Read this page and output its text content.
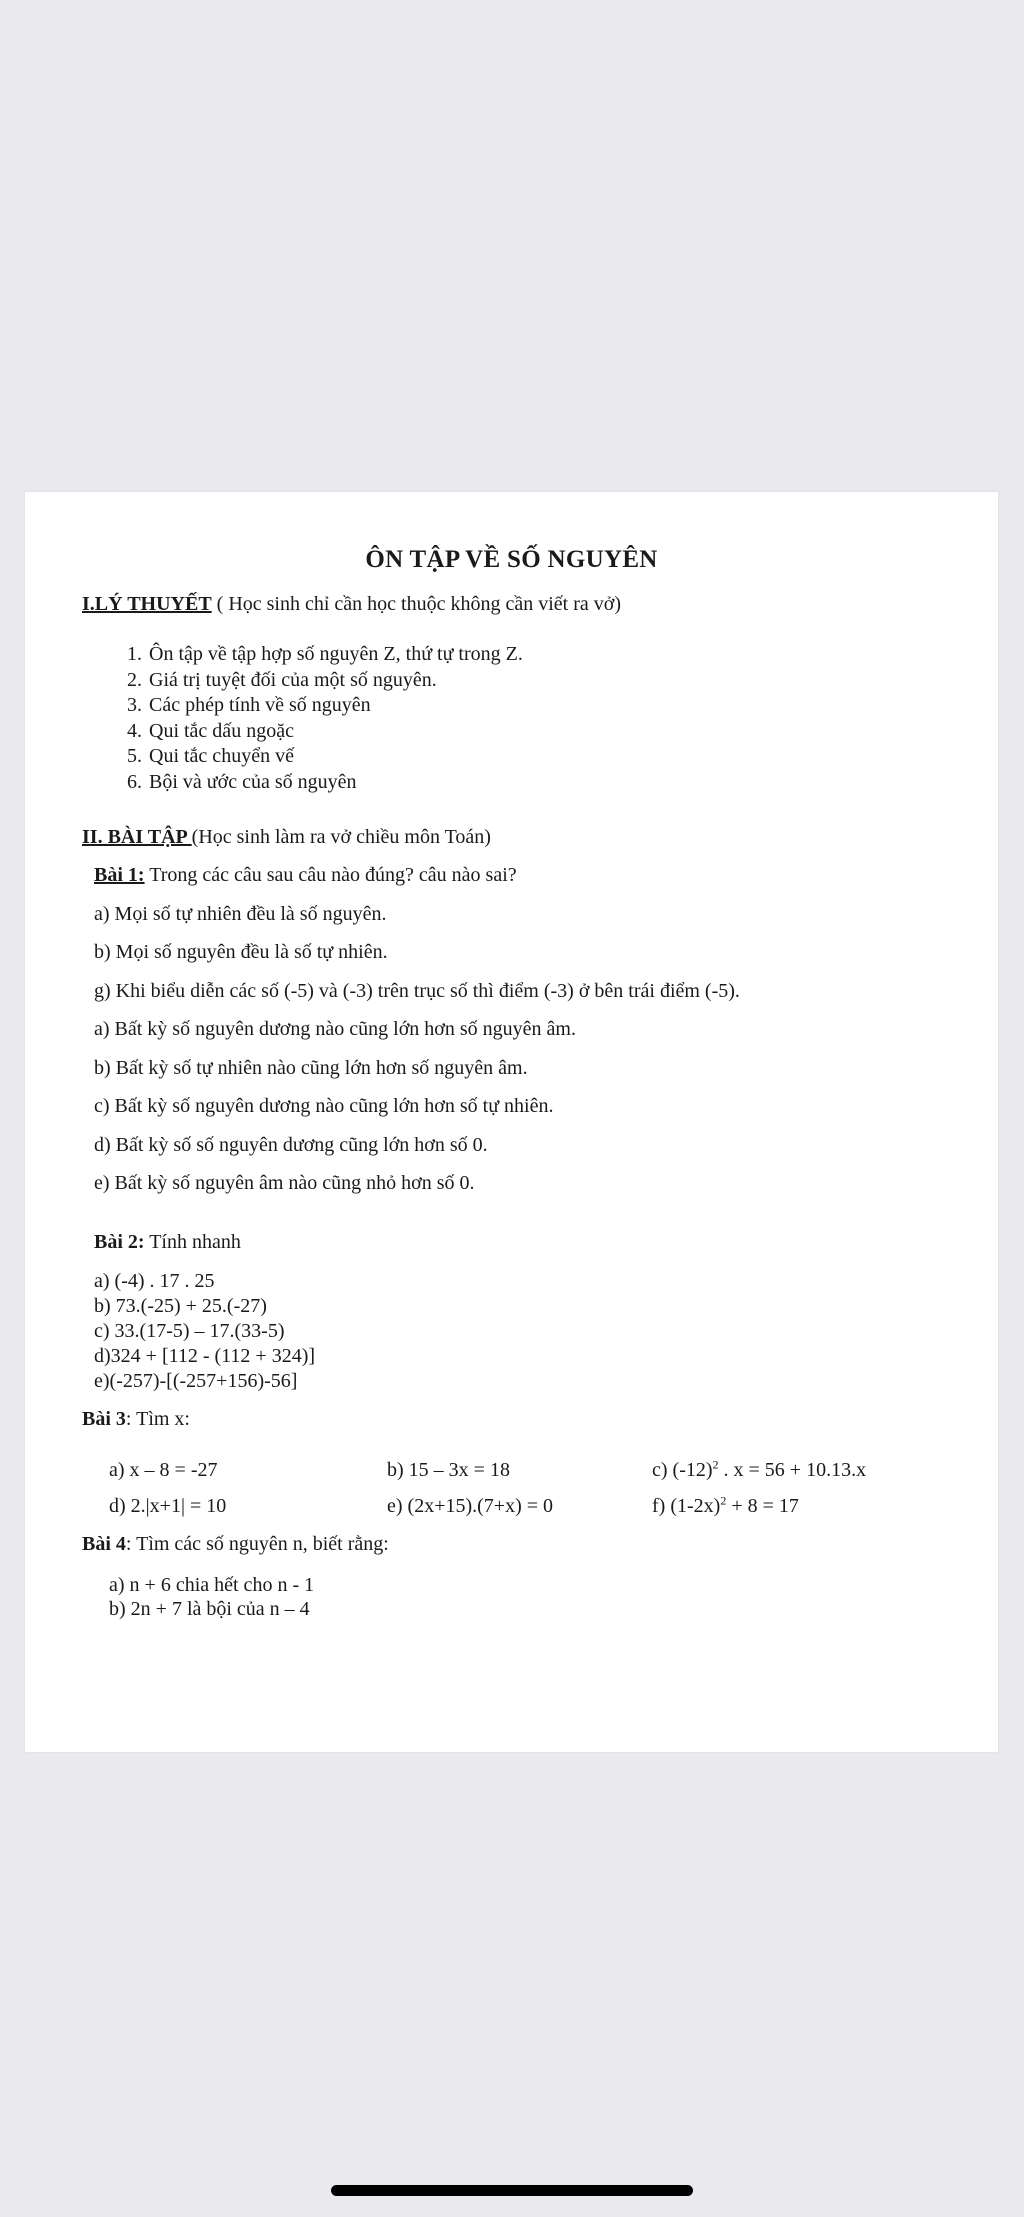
ÔN TẬP VỀ SỐ NGUYÊN
I.LÝ THUYẾT ( Học sinh chỉ cần học thuộc không cần viết ra vở)
1. Ôn tập về tập hợp số nguyên Z, thứ tự trong Z.
2. Giá trị tuyệt đối của một số nguyên.
3. Các phép tính về số nguyên
4. Qui tắc dấu ngoặc
5. Qui tắc chuyển vế
6. Bội và ước của số nguyên
II. BÀI TẬP (Học sinh làm ra vở chiều môn Toán)
Bài 1: Trong các câu sau câu nào đúng? câu nào sai?
a) Mọi số tự nhiên đều là số nguyên.
b) Mọi số nguyên đều là số tự nhiên.
g) Khi biểu diễn các số (-5) và (-3) trên trục số thì điểm (-3) ở bên trái điểm (-5).
a) Bất kỳ số nguyên dương nào cũng lớn hơn số nguyên âm.
b) Bất kỳ số tự nhiên nào cũng lớn hơn số nguyên âm.
c) Bất kỳ số nguyên dương nào cũng lớn hơn số tự nhiên.
d) Bất kỳ số số nguyên dương cũng lớn hơn số 0.
e) Bất kỳ số nguyên âm nào cũng nhỏ hơn số 0.
Bài 2: Tính nhanh
a) (-4) . 17 . 25
b) 73.(-25) + 25.(-27)
c) 33.(17-5) – 17.(33-5)
d)324 + [112 - (112 + 324)]
e)(-257)-[(-257+156)-56]
Bài 3: Tìm x:
a) x – 8 = -27	b) 15 – 3x = 18	c) $(-12)^2$ . x = 56 + 10.13.x
d) 2.|x+1| = 10	e) (2x+15).(7+x) = 0	f) $(1-2x)^2 + 8 = 17$
Bài 4: Tìm các số nguyên n, biết rằng:
a) n + 6 chia hết cho n - 1
b) 2n + 7 là bội của n – 4
